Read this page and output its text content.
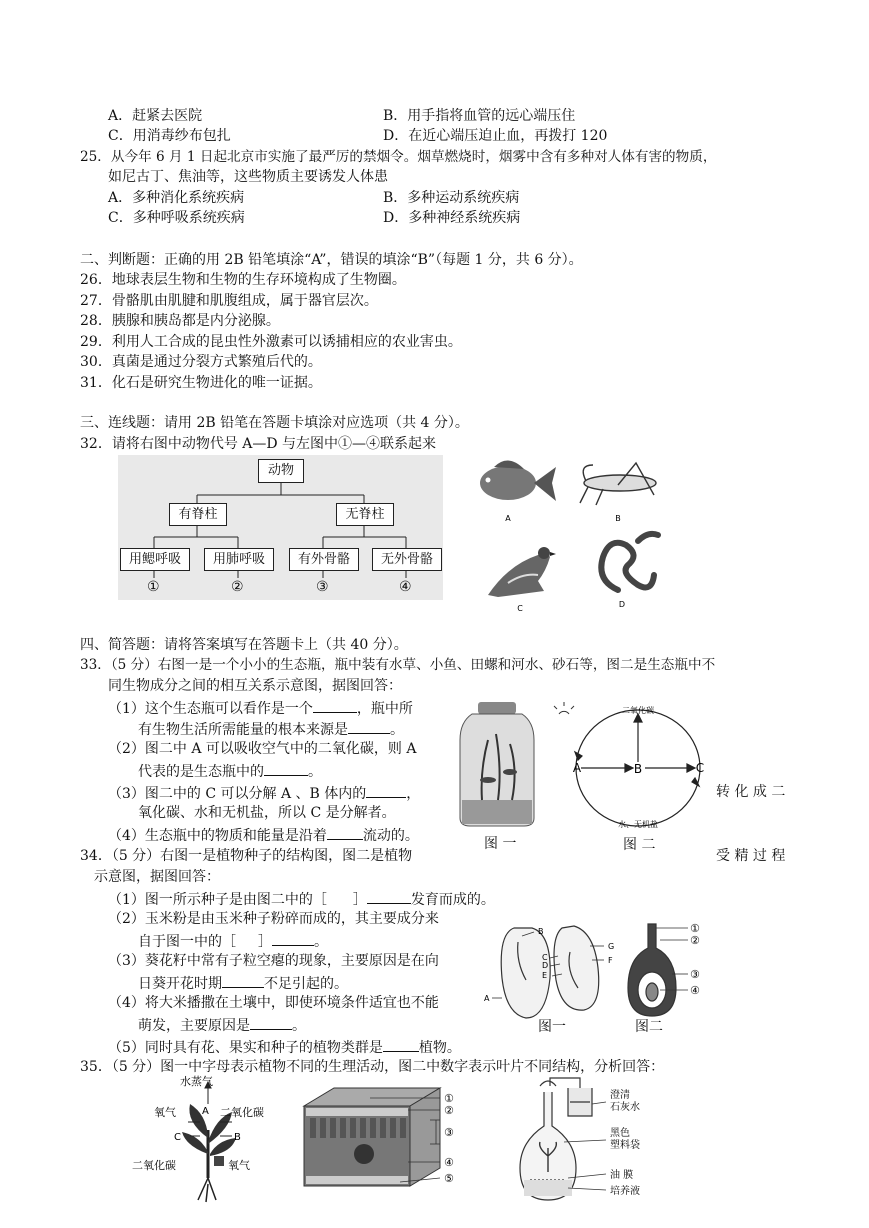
A．赶紧去医院	B．用手指将血管的远心端压住
C．用消毒纱布包扎	D．在近心端压迫止血，再拨打 120
25．从今年 6 月 1 日起北京市实施了最严厉的禁烟令。烟草燃烧时，烟雾中含有多种对人体有害的物质，
如尼古丁、焦油等，这些物质主要诱发人体患
A．多种消化系统疾病	B．多种运动系统疾病
C．多种呼吸系统疾病	D．多种神经系统疾病
二、判断题：正确的用 2B 铅笔填涂“A”，错误的填涂“B”（每题 1 分，共 6 分）。
26．地球表层生物和生物的生存环境构成了生物圈。
27．骨骼肌由肌腱和肌腹组成，属于器官层次。
28．胰腺和胰岛都是内分泌腺。
29．利用人工合成的昆虫性外激素可以诱捕相应的农业害虫。
30．真菌是通过分裂方式繁殖后代的。
31．化石是研究生物进化的唯一证据。
三、连线题：请用 2B 铅笔在答题卡填涂对应选项（共 4 分）。
32．请将右图中动物代号 A—D 与左图中①—④联系起来
动物
有脊柱	无脊柱
用鳃呼吸	用肺呼吸	有外骨骼	无外骨骼
①	②	③	④
A	B
C	D
四、简答题：请将答案填写在答题卡上（共 40 分）。
33．（5 分）右图一是一个小小的生态瓶，瓶中装有水草、小鱼、田螺和河水、砂石等，图二是生态瓶中不
同生物成分之间的相互关系示意图，据图回答：
（1）这个生态瓶可以看作是一个	，瓶中所
有生物生活所需能量的根本来源是	。
（2）图二中 A 可以吸收空气中的二氧化碳，则 A
代表的是生态瓶中的	。
（3）图二中的 C 可以分解 A 、B 体内的	，	转 化 成 二
氧化碳、水和无机盐，所以 C 是分解者。
（4）生态瓶中的物质和能量是沿着	流动的。	图 一
二氧化碳
水、无机盐
A	B	C
图 二
34．（5 分）右图一是植物种子的结构图，图二是植物	受 精 过 程
示意图，据图回答：
（1）图一所示种子是由图二中的［ ］	发育而成的。
（2）玉米粉是由玉米种子粉碎而成的，其主要成分来
自于图一中的［ ］	。
（3）葵花籽中常有子粒空瘪的现象，主要原因是在向
日葵开花时期	不足引起的。
（4）将大米播撒在土壤中，即使环境条件适宜也不能
萌发，主要原因是	。
（5）同时具有花、果实和种子的植物类群是	植物。
B
C
D
E
A
G
F
①
②
③
④
图一	图二
35．（5 分）图一中字母表示植物不同的生理活动，图二中数字表示叶片不同结构，分析回答：
水蒸气
氧气	A 二氧化碳
C	B
二氧化碳	氧气
①
②
③
④
⑤
澄清
石灰水
黑色
塑料袋
油 膜
培养液
